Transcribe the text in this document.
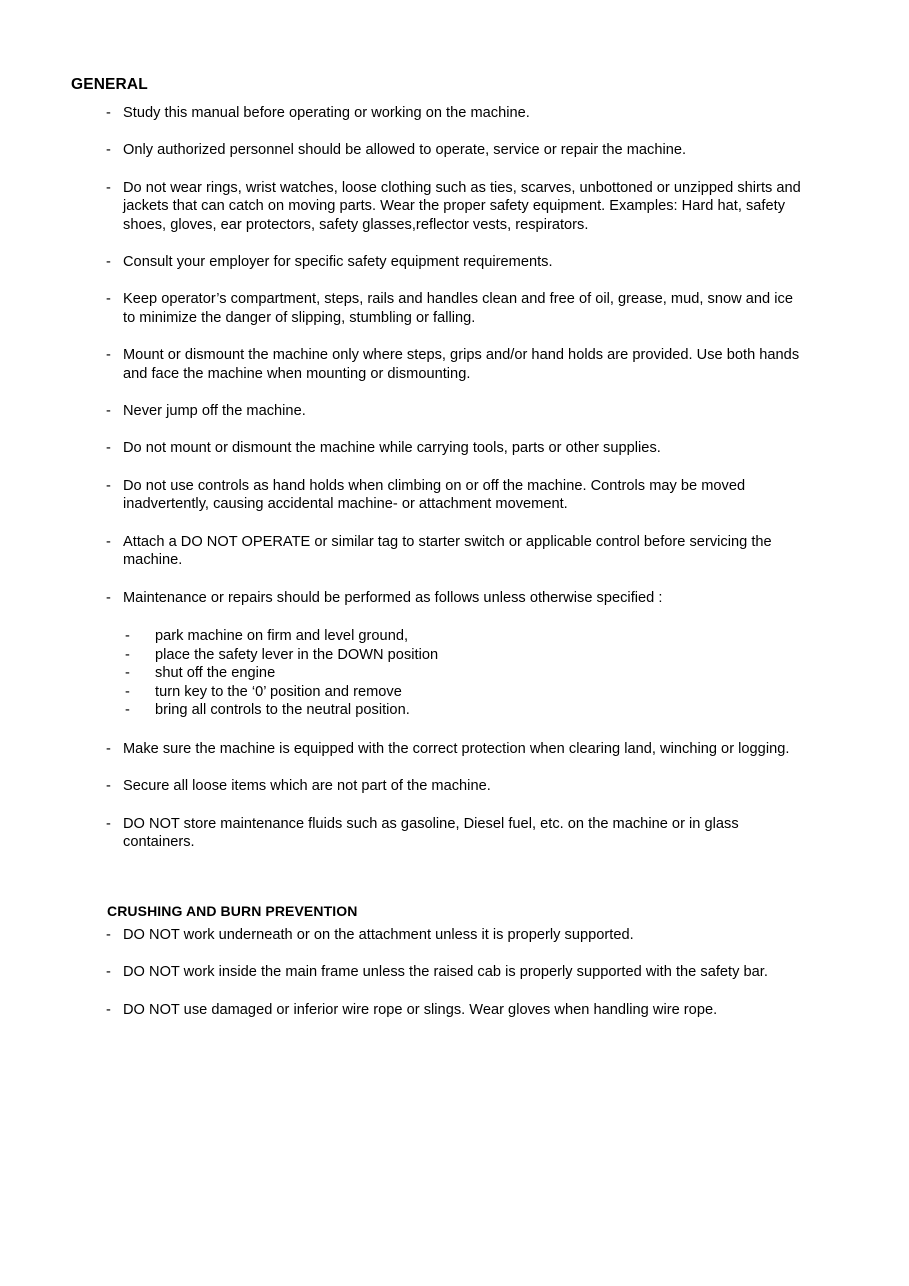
GENERAL
- Study this manual before operating or working on the machine.
- Only authorized personnel should be allowed to operate, service or repair the machine.
- Do not wear rings, wrist watches, loose clothing such as ties, scarves, unbottoned or unzipped shirts and jackets that can catch on moving parts. Wear the proper safety equipment. Examples: Hard hat, safety shoes, gloves, ear protectors, safety glasses,reflector vests, respirators.
- Consult your employer for specific safety equipment requirements.
- Keep operator’s compartment, steps, rails and handles clean and free of oil, grease, mud, snow and ice to minimize the danger of slipping, stumbling or falling.
- Mount or dismount the machine only where steps, grips and/or hand holds are provided. Use both hands and face the machine when mounting or dismounting.
- Never jump off the machine.
- Do not mount or dismount the machine while carrying tools, parts or other supplies.
- Do not use controls as hand holds when climbing on or off the machine. Controls may be moved inadvertently, causing accidental machine- or attachment movement.
- Attach a DO NOT OPERATE or similar tag to starter switch or applicable control before servicing the machine.
- Maintenance or repairs should be performed as follows unless otherwise specified :
- park machine on firm and level ground,
- place the safety lever in the DOWN position
- shut off the engine
- turn key to the ‘0’ position and remove
- bring all controls to the neutral position.
- Make sure the machine is equipped with the correct protection when clearing land, winching or logging.
- Secure all loose items which are not part of the machine.
- DO NOT store maintenance fluids such as gasoline, Diesel fuel, etc. on the machine or in glass containers.
CRUSHING AND BURN PREVENTION
- DO NOT work underneath or on the attachment unless it is properly supported.
- DO NOT work inside the main frame unless the raised cab is properly supported with the safety bar.
- DO NOT use damaged or inferior wire rope or slings. Wear gloves when handling wire rope.
